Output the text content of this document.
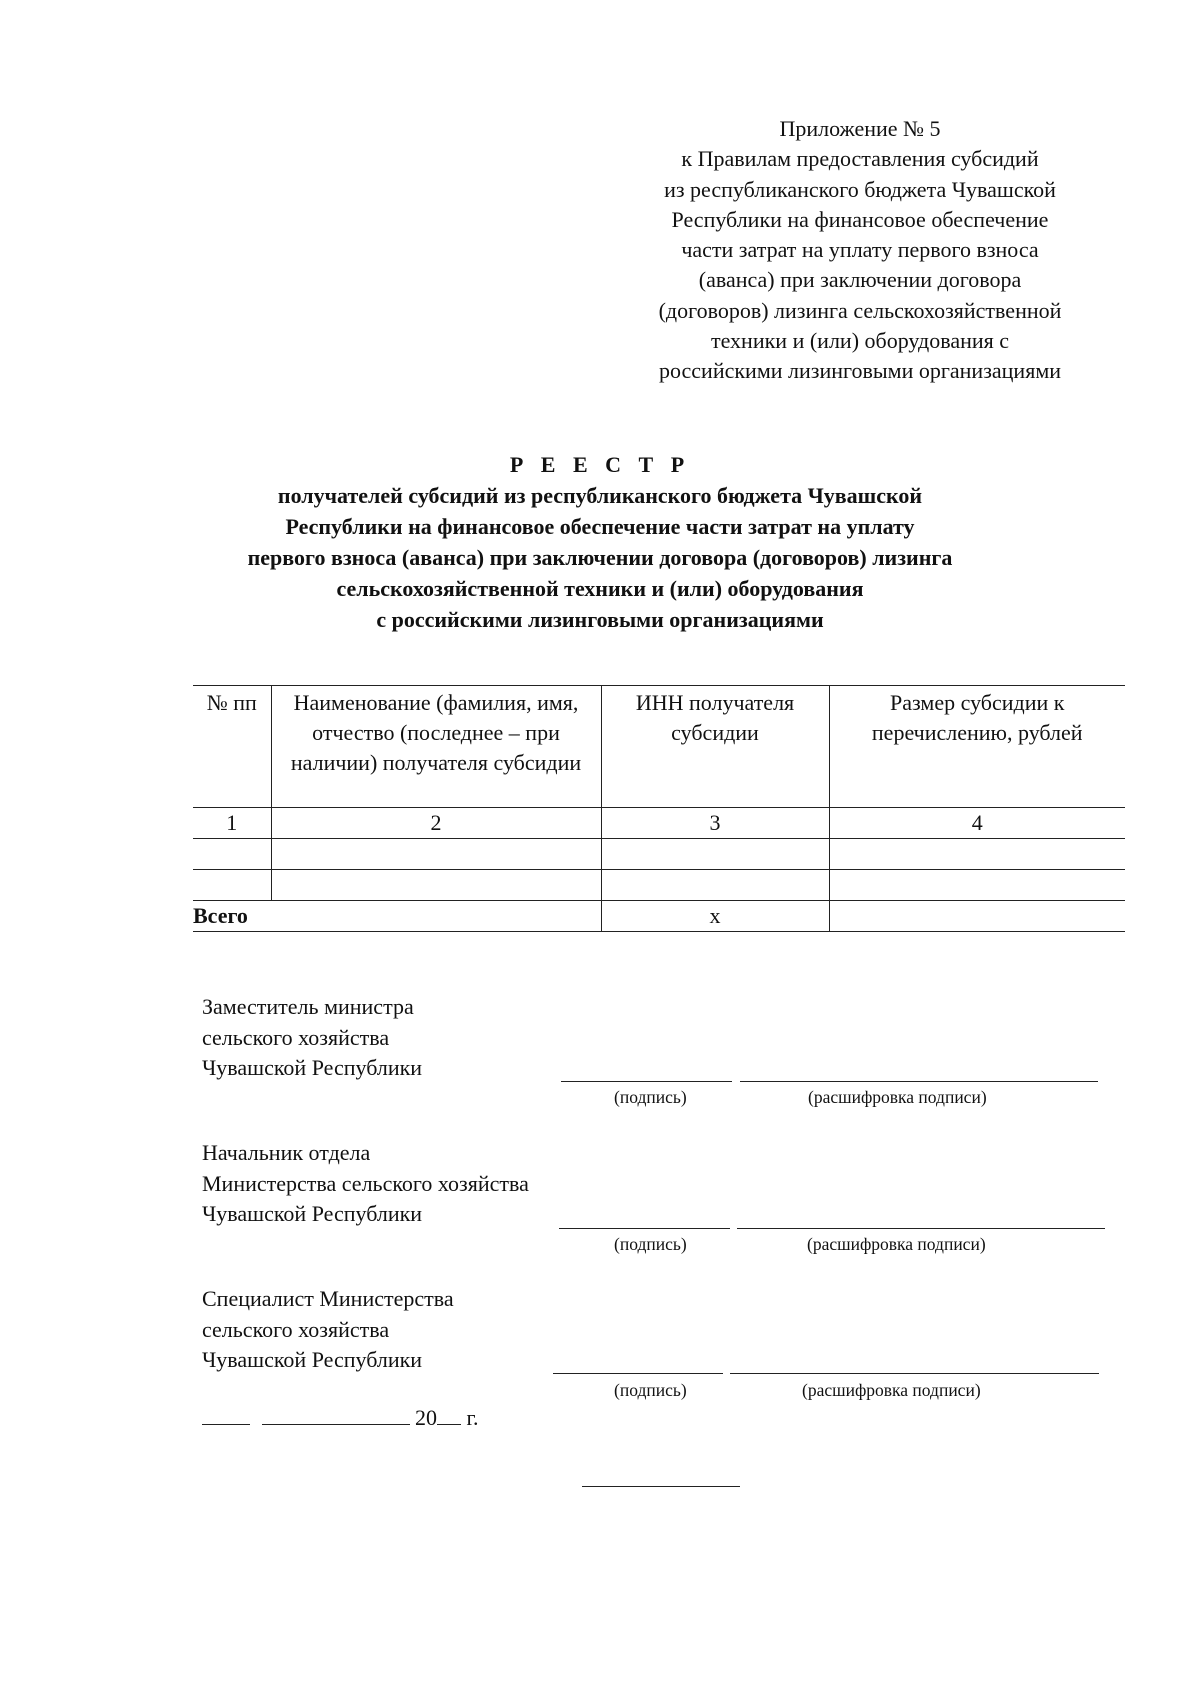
Приложение № 5
к Правилам предоставления субсидий
из республиканского бюджета Чувашской
Республики на финансовое обеспечение
части затрат на уплату первого взноса
(аванса) при заключении договора
(договоров) лизинга сельскохозяйственной
техники и (или) оборудования с
российскими лизинговыми организациями
Р Е Е С Т Р
получателей субсидий из республиканского бюджета Чувашской
Республики на финансовое обеспечение части затрат на уплату
первого взноса (аванса) при заключении договора (договоров) лизинга
сельскохозяйственной техники и (или) оборудования
с российскими лизинговыми организациями
№ пп	Наименование (фамилия, имя, отчество (последнее – при наличии) получателя субсидии	ИНН получателя субсидии	Размер субсидии к перечислению, рублей
1	2	3	4

Всего		х	
Заместитель министра
сельского хозяйства
Чувашской Республики
(подпись)	(расшифровка подписи)
Начальник отдела
Министерства сельского хозяйства
Чувашской Республики
(подпись)	(расшифровка подписи)
Специалист Министерства
сельского хозяйства
Чувашской Республики
(подпись)	(расшифровка подписи)
20 г.
